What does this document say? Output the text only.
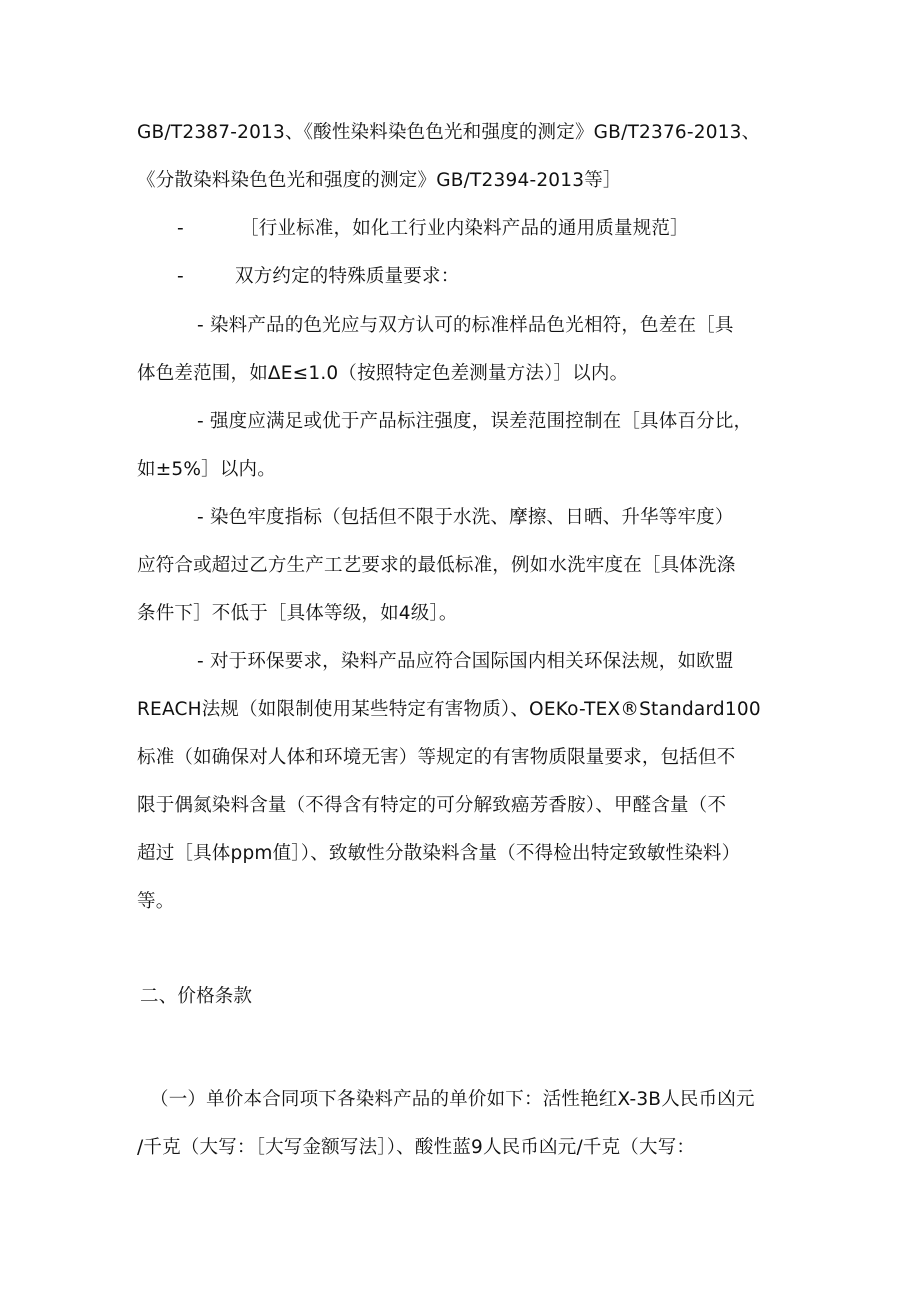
GB/T2387-2013、《酸性染料染色色光和强度的测定》GB/T2376-2013、
《分散染料染色色光和强度的测定》GB/T2394-2013等］
-	［行业标准，如化工行业内染料产品的通用质量规范］
-	双方约定的特殊质量要求：
- 染料产品的色光应与双方认可的标准样品色光相符，色差在［具
体色差范围，如ΔE≤1.0（按照特定色差测量方法）］以内。
- 强度应满足或优于产品标注强度，误差范围控制在［具体百分比，
如±5%］以内。
- 染色牢度指标（包括但不限于水洗、摩擦、日晒、升华等牢度）
应符合或超过乙方生产工艺要求的最低标准，例如水洗牢度在［具体洗涤
条件下］不低于［具体等级，如4级］。
- 对于环保要求，染料产品应符合国际国内相关环保法规，如欧盟
REACH法规（如限制使用某些特定有害物质）、OEKo-TEX®Standard100
标准（如确保对人体和环境无害）等规定的有害物质限量要求，包括但不
限于偶氮染料含量（不得含有特定的可分解致癌芳香胺）、甲醛含量（不
超过［具体ppm值］）、致敏性分散染料含量（不得检出特定致敏性染料）
等。
二、价格条款
（一）单价本合同项下各染料产品的单价如下：活性艳红X-3B人民币凶元
/千克（大写：［大写金额写法］）、酸性蓝9人民币凶元/千克（大写：
